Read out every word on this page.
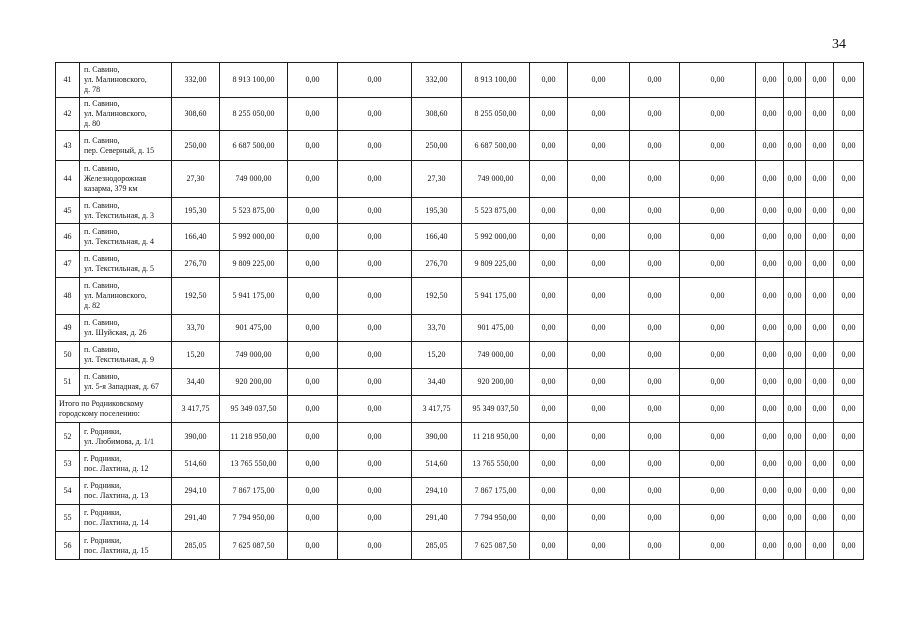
34
41	п. Савино,
ул. Малиновского,
д. 78	332,00	8 913 100,00	0,00	0,00	332,00	8 913 100,00	0,00	0,00	0,00	0,00	0,00	0,00	0,00	0,00
42	п. Савино,
ул. Малиновского,
д. 80	308,60	8 255 050,00	0,00	0,00	308,60	8 255 050,00	0,00	0,00	0,00	0,00	0,00	0,00	0,00	0,00
43	п. Савино,
пер. Северный, д. 15	250,00	6 687 500,00	0,00	0,00	250,00	6 687 500,00	0,00	0,00	0,00	0,00	0,00	0,00	0,00	0,00
44	п. Савино,
Железнодорожная
казарма, 379 км	27,30	749 000,00	0,00	0,00	27,30	749 000,00	0,00	0,00	0,00	0,00	0,00	0,00	0,00	0,00
45	п. Савино,
ул. Текстильная, д. 3	195,30	5 523 875,00	0,00	0,00	195,30	5 523 875,00	0,00	0,00	0,00	0,00	0,00	0,00	0,00	0,00
46	п. Савино,
ул. Текстильная, д. 4	166,40	5 992 000,00	0,00	0,00	166,40	5 992 000,00	0,00	0,00	0,00	0,00	0,00	0,00	0,00	0,00
47	п. Савино,
ул. Текстильная, д. 5	276,70	9 809 225,00	0,00	0,00	276,70	9 809 225,00	0,00	0,00	0,00	0,00	0,00	0,00	0,00	0,00
48	п. Савино,
ул. Малиновского,
д. 82	192,50	5 941 175,00	0,00	0,00	192,50	5 941 175,00	0,00	0,00	0,00	0,00	0,00	0,00	0,00	0,00
49	п. Савино,
ул. Шуйская, д. 26	33,70	901 475,00	0,00	0,00	33,70	901 475,00	0,00	0,00	0,00	0,00	0,00	0,00	0,00	0,00
50	п. Савино,
ул. Текстильная, д. 9	15,20	749 000,00	0,00	0,00	15,20	749 000,00	0,00	0,00	0,00	0,00	0,00	0,00	0,00	0,00
51	п. Савино,
ул. 5-я Западная, д. 67	34,40	920 200,00	0,00	0,00	34,40	920 200,00	0,00	0,00	0,00	0,00	0,00	0,00	0,00	0,00
Итого по Родниковскому
городскому поселению:		3 417,75	95 349 037,50	0,00	0,00	3 417,75	95 349 037,50	0,00	0,00	0,00	0,00	0,00	0,00	0,00	0,00
52	г. Родники,
ул. Любимова, д. 1/1	390,00	11 218 950,00	0,00	0,00	390,00	11 218 950,00	0,00	0,00	0,00	0,00	0,00	0,00	0,00	0,00
53	г. Родники,
пос. Лахтина, д. 12	514,60	13 765 550,00	0,00	0,00	514,60	13 765 550,00	0,00	0,00	0,00	0,00	0,00	0,00	0,00	0,00
54	г. Родники,
пос. Лахтина, д. 13	294,10	7 867 175,00	0,00	0,00	294,10	7 867 175,00	0,00	0,00	0,00	0,00	0,00	0,00	0,00	0,00
55	г. Родники,
пос. Лахтина, д. 14	291,40	7 794 950,00	0,00	0,00	291,40	7 794 950,00	0,00	0,00	0,00	0,00	0,00	0,00	0,00	0,00
56	г. Родники,
пос. Лахтина, д. 15	285,05	7 625 087,50	0,00	0,00	285,05	7 625 087,50	0,00	0,00	0,00	0,00	0,00	0,00	0,00	0,00
